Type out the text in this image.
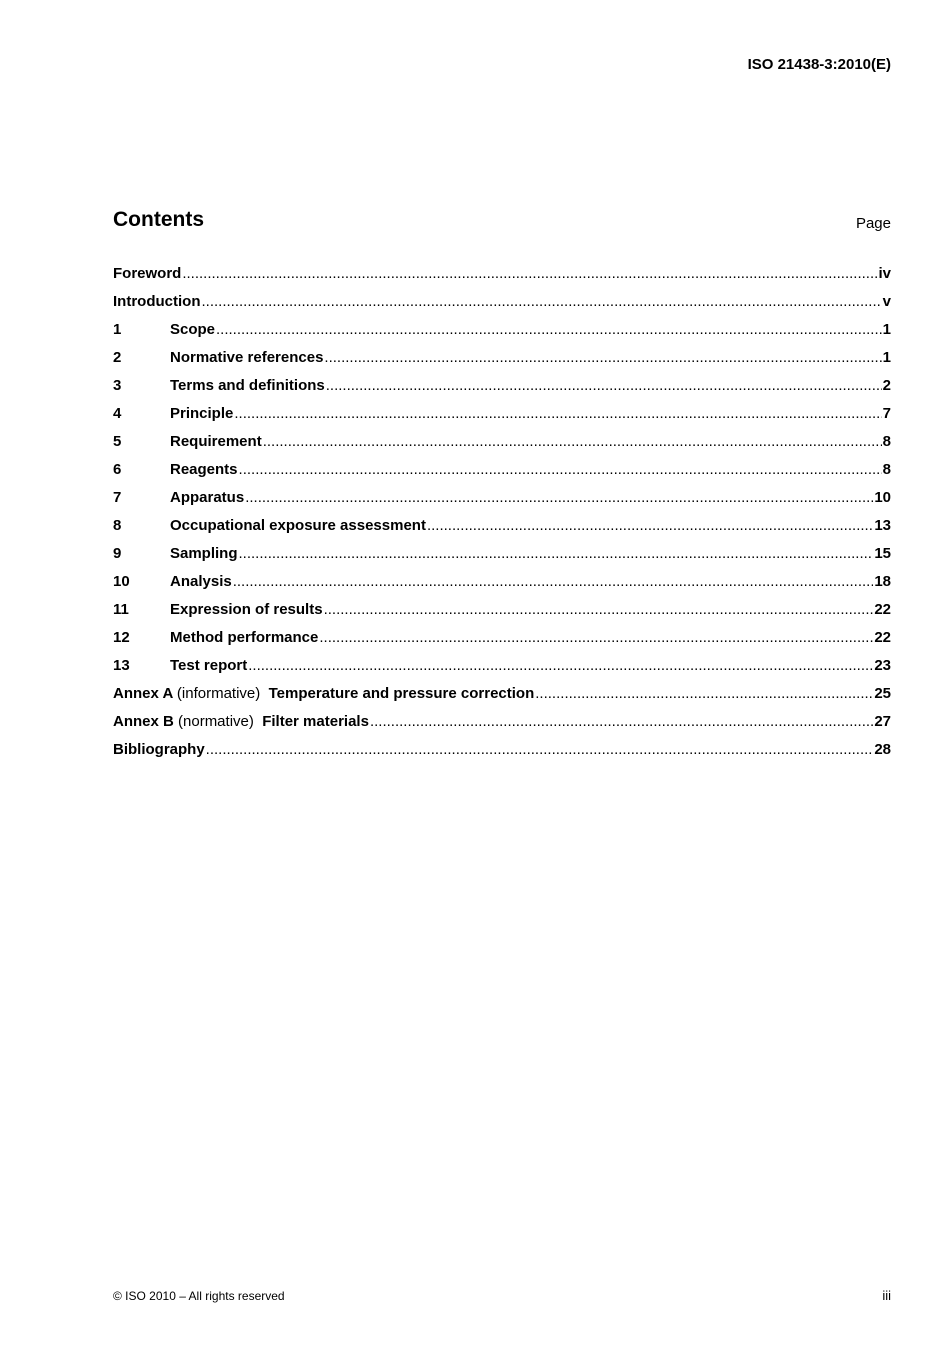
ISO 21438-3:2010(E)
Contents	Page
Foreword .....	iv
Introduction .....	v
1	Scope .....	1
2	Normative references .....	1
3	Terms and definitions .....	2
4	Principle .....	7
5	Requirement .....	8
6	Reagents .....	8
7	Apparatus .....	10
8	Occupational exposure assessment .....	13
9	Sampling .....	15
10	Analysis .....	18
11	Expression of results .....	22
12	Method performance .....	22
13	Test report .....	23
Annex A (informative) Temperature and pressure correction .....	25
Annex B (normative) Filter materials .....	27
Bibliography .....	28
© ISO 2010 – All rights reserved	iii
